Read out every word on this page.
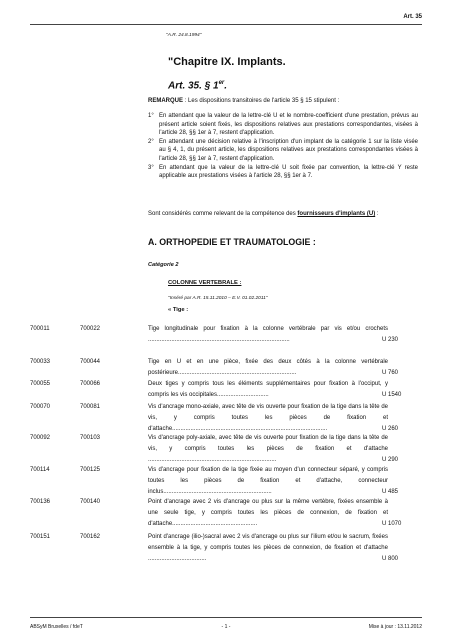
Art. 35
"A.R. 24.8.1994"
"Chapitre IX. Implants.
Art. 35. § 1er.
REMARQUE : Les dispositions transitoires de l'article 35 § 15 stipulent :
1° En attendant que la valeur de la lettre-clé U et le nombre-coefficient d'une prestation, prévus au présent article soient fixés, les dispositions relatives aux prestations correspondantes, visées à l'article 28, §§ 1er à 7, restent d'application.
2° En attendant une décision relative à l'inscription d'un implant de la catégorie 1 sur la liste visée au § 4, 1, du présent article, les dispositions relatives aux prestations correspondantes visées à l'article 28, §§ 1er à 7, restent d'application.
3° En attendant que la valeur de la lettre-clé U soit fixée par convention, la lettre-clé Y reste applicable aux prestations visées à l'article 28, §§ 1er à 7.
Sont considérés comme relevant de la compétence des fournisseurs d'implants (U) :
A. ORTHOPEDIE ET TRAUMATOLOGIE :
Catégorie 2
COLONNE VERTEBRALE :
"Inséré par A.R. 15.11.2010 – E.V. 01.02.2011"
« Tige :
700011	700022	Tige longitudinale pour fixation à la colonne vertébrale par vis et/ou crochets .....................................................................................	U 230
700033	700044	Tige en U et en une pièce, fixée des deux côtés à la colonne vertébrale postérieure.......................................................................	U 760
700055	700066	Deux tiges y compris tous les éléments supplémentaires pour fixation à l'occiput, y compris les vis occipitales...............................	U 1540
700070	700081	Vis d'ancrage mono-axiale, avec tête de vis ouverte pour fixation de la tige dans la tête de vis, y compris toutes les pièces de fixation et d'attache.............................................................................................	U 260
700092	700103	Vis d'ancrage poly-axiale, avec tête de vis ouverte pour fixation de la tige dans la tête de vis, y compris toutes les pièces de fixation et d'attache .............................................................................	U 290
700114	700125	Vis d'ancrage pour fixation de la tige fixée au moyen d'un connecteur séparé, y compris toutes les pièces de fixation et d'attache, connecteur inclus.................................................................	U 485
700136	700140	Point d'ancrage avec 2 vis d'ancrage ou plus sur la même vertèbre, fixées ensemble à une seule tige, y compris toutes les pièces de connexion, de fixation et d'attache...................................................	U 1070
700151	700162	Point d'ancrage (ilio-)sacral avec 2 vis d'ancrage ou plus sur l'ilium et/ou le sacrum, fixées ensemble à la tige, y compris toutes les pièces de connexion, de fixation et d'attache ...................................	U 800
ABSyM Bruxelles / fdeT	- 1 -	Mise à jour : 13.11.2012
